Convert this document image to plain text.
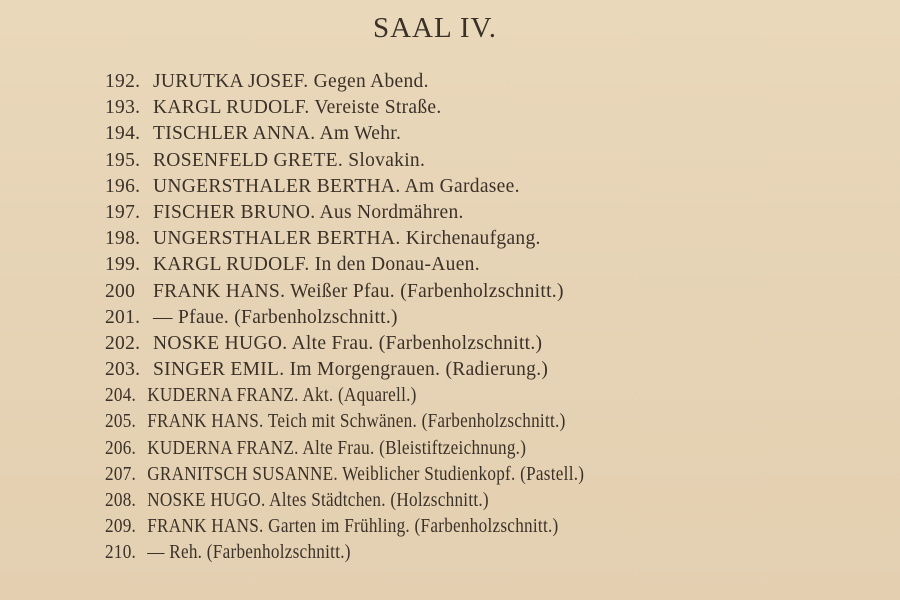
SAAL IV.
192. JURUTKA JOSEF. Gegen Abend.
193. KARGL RUDOLF. Vereiste Straße.
194. TISCHLER ANNA. Am Wehr.
195. ROSENFELD GRETE. Slovakin.
196. UNGERSTHALER BERTHA. Am Gardasee.
197. FISCHER BRUNO. Aus Nordmähren.
198. UNGERSTHALER BERTHA. Kirchenaufgang.
199. KARGL RUDOLF. In den Donau-Auen.
200 FRANK HANS. Weißer Pfau. (Farbenholzschnitt.)
201. — Pfaue. (Farbenholzschnitt.)
202. NOSKE HUGO. Alte Frau. (Farbenholzschnitt.)
203. SINGER EMIL. Im Morgengrauen. (Radierung.)
204. KUDERNA FRANZ. Akt. (Aquarell.)
205. FRANK HANS. Teich mit Schwänen. (Farbenholzschnitt.)
206. KUDERNA FRANZ. Alte Frau. (Bleistiftzeichnung.)
207. GRANITSCH SUSANNE. Weiblicher Studienkopf. (Pastell.)
208. NOSKE HUGO. Altes Städtchen. (Holzschnitt.)
209. FRANK HANS. Garten im Frühling. (Farbenholzschnitt.)
210. — Reh. (Farbenholzschnitt.)
